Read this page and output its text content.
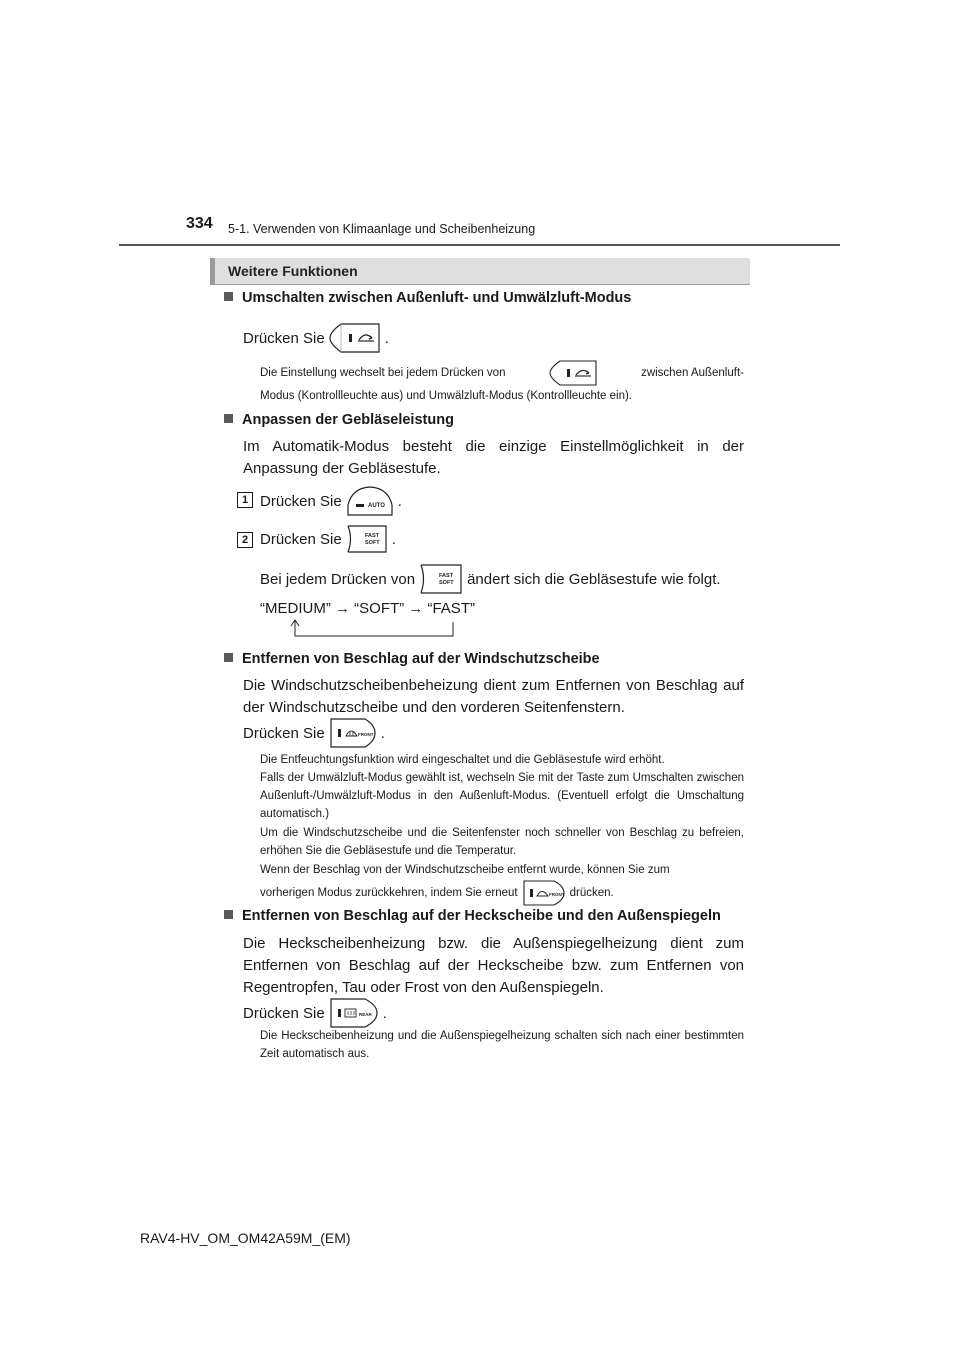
334 5-1. Verwenden von Klimaanlage und Scheibenheizung
Weitere Funktionen
Umschalten zwischen Außenluft- und Umwälzluft-Modus
Drücken Sie	.
Die Einstellung wechselt bei jedem Drücken von	zwischen Außenluft-
Modus (Kontrollleuchte aus) und Umwälzluft-Modus (Kontrollleuchte ein).
Anpassen der Gebläseleistung
Im Automatik-Modus besteht die einzige Einstellmöglichkeit in der Anpassung der Gebläsestufe.
1 Drücken Sie	AUTO .
2 Drücken Sie	FAST
SOFT .
Bei jedem Drücken von	FAST
SOFT ändert sich die Gebläsestufe wie folgt.
“MEDIUM” → “SOFT” → “FAST”
Entfernen von Beschlag auf der Windschutzscheibe
Die Windschutzscheibenbeheizung dient zum Entfernen von Beschlag auf der Windschutzscheibe und den vorderen Seitenfenstern.
Drücken Sie	FRONT .
Die Entfeuchtungsfunktion wird eingeschaltet und die Gebläsestufe wird erhöht.
Falls der Umwälzluft-Modus gewählt ist, wechseln Sie mit der Taste zum Umschalten zwischen Außenluft-/Umwälzluft-Modus in den Außenluft-Modus. (Eventuell erfolgt die Umschaltung automatisch.)
Um die Windschutzscheibe und die Seitenfenster noch schneller von Beschlag zu befreien, erhöhen Sie die Gebläsestufe und die Temperatur.
Wenn der Beschlag von der Windschutzscheibe entfernt wurde, können Sie zum
vorherigen Modus zurückkehren, indem Sie erneut	FRONT drücken.
Entfernen von Beschlag auf der Heckscheibe und den Außenspiegeln
Die Heckscheibenheizung bzw. die Außenspiegelheizung dient zum Entfernen von Beschlag auf der Heckscheibe bzw. zum Entfernen von Regentropfen, Tau oder Frost von den Außenspiegeln.
Drücken Sie	REAR .
Die Heckscheibenheizung und die Außenspiegelheizung schalten sich nach einer bestimmten Zeit automatisch aus.
RAV4-HV_OM_OM42A59M_(EM)
